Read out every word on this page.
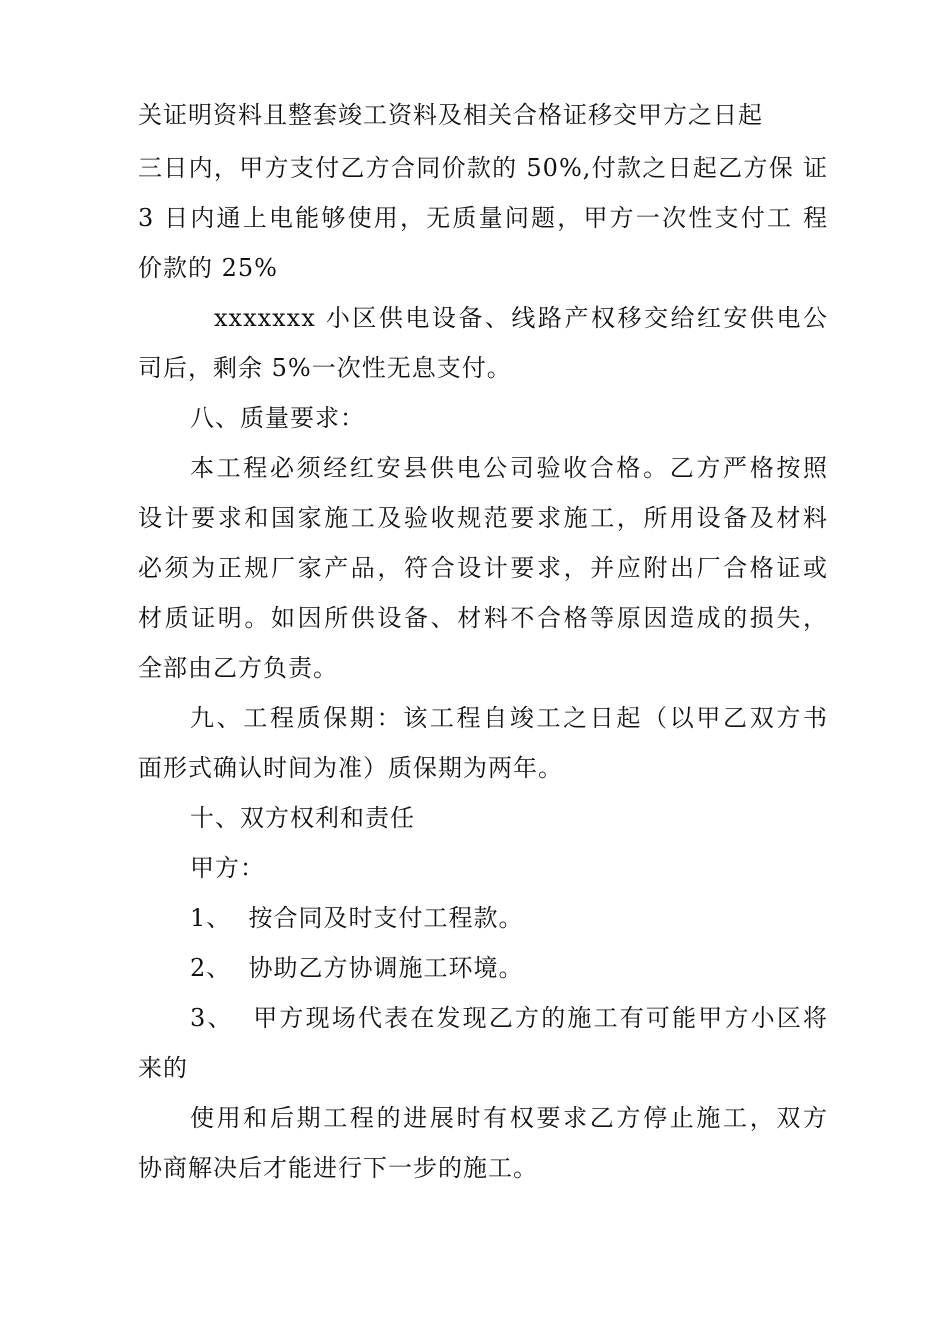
关证明资料且整套竣工资料及相关合格证移交甲方之日起
三日内，甲方支付乙方合同价款的 50%,付款之日起乙方保 证
3 日内通上电能够使用，无质量问题，甲方一次性支付工 程
价款的 25%
xxxxxxx 小区供电设备、线路产权移交给红安供电公
司后，剩余 5%一次性无息支付。
八、质量要求：
本工程必须经红安县供电公司验收合格。乙方严格按照
设计要求和国家施工及验收规范要求施工，所用设备及材料
必须为正规厂家产品，符合设计要求，并应附出厂合格证或
材质证明。如因所供设备、材料不合格等原因造成的损失，
全部由乙方负责。
九、工程质保期：该工程自竣工之日起（以甲乙双方书
面形式确认时间为准）质保期为两年。
十、双方权利和责任
甲方：
1、  按合同及时支付工程款。
2、  协助乙方协调施工环境。
3、  甲方现场代表在发现乙方的施工有可能甲方小区将
来的
使用和后期工程的进展时有权要求乙方停止施工，双方
协商解决后才能进行下一步的施工。
